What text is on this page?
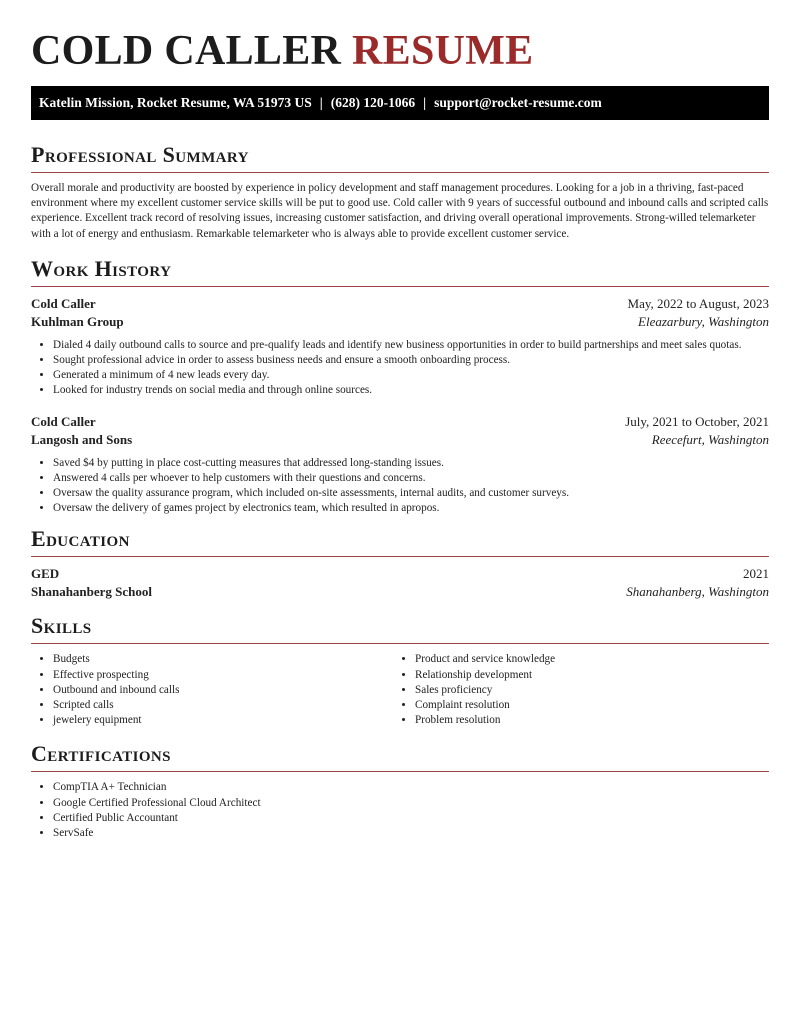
COLD CALLER RESUME
Katelin Mission, Rocket Resume, WA 51973 US | (628) 120-1066 | support@rocket-resume.com
Professional Summary

Overall morale and productivity are boosted by experience in policy development and staff management procedures. Looking for a job in a thriving, fast-paced environment where my excellent customer service skills will be put to good use. Cold caller with 9 years of successful outbound and inbound calls and scripted calls experience. Excellent track record of resolving issues, increasing customer satisfaction, and driving overall operational improvements. Strong-willed telemarketer with a lot of energy and enthusiasm. Remarkable telemarketer who is always able to provide excellent customer service.

Work History
Cold Caller	May, 2022 to August, 2023
Kuhlman Group	Eleazarbury, Washington
• Dialed 4 daily outbound calls to source and pre-qualify leads and identify new business opportunities in order to build partnerships and meet sales quotas.
• Sought professional advice in order to assess business needs and ensure a smooth onboarding process.
• Generated a minimum of 4 new leads every day.
• Looked for industry trends on social media and through online sources.
Cold Caller	July, 2021 to October, 2021
Langosh and Sons	Reecefurt, Washington
• Saved $4 by putting in place cost-cutting measures that addressed long-standing issues.
• Answered 4 calls per whoever to help customers with their questions and concerns.
• Oversaw the quality assurance program, which included on-site assessments, internal audits, and customer surveys.
• Oversaw the delivery of games project by electronics team, which resulted in apropos.
Education
GED	2021
Shanahanberg School	Shanahanberg, Washington
Skills
• Budgets
• Effective prospecting
• Outbound and inbound calls
• Scripted calls
• jewelery equipment
• Product and service knowledge
• Relationship development
• Sales proficiency
• Complaint resolution
• Problem resolution
Certifications
• CompTIA A+ Technician
• Google Certified Professional Cloud Architect
• Certified Public Accountant
• ServSafe
